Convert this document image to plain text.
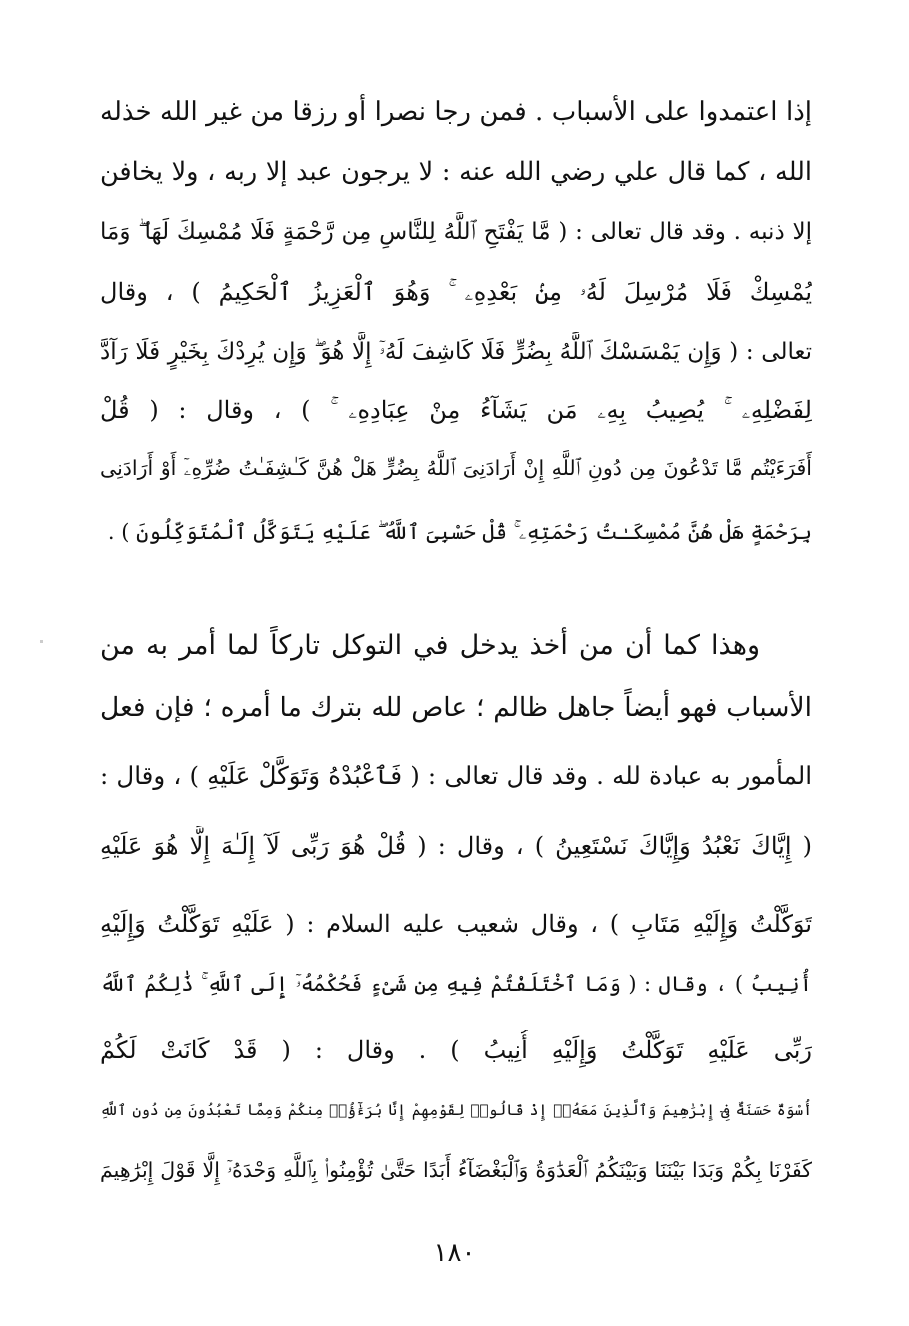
إذا اعتمدوا على الأسباب . فمن رجا نصرا أو رزقا من غير الله خذله
الله ، كما قال علي رضي الله عنه : لا يرجون عبد إلا ربه ، ولا يخافن
إلا ذنبه . وقد قال تعالى : ( مَّا يَفْتَحِ ٱللَّهُ لِلنَّاسِ مِن رَّحْمَةٍ فَلَا مُمْسِكَ لَهَا ۖ وَمَا
يُمْسِكْ فَلَا مُرْسِلَ لَهُۥ مِنۢ بَعْدِهِۦ ۚ وَهُوَ ٱلْعَزِيزُ ٱلْحَكِيمُ ) ، وقال
تعالى : ( وَإِن يَمْسَسْكَ ٱللَّهُ بِضُرٍّ فَلَا كَاشِفَ لَهُۥٓ إِلَّا هُوَ ۖ وَإِن يُرِدْكَ بِخَيْرٍ فَلَا رَآدَّ
لِفَضْلِهِۦ ۚ يُصِيبُ بِهِۦ مَن يَشَآءُ مِنْ عِبَادِهِۦ ۚ ) ، وقال : ( قُلْ
أَفَرَءَيْتُم مَّا تَدْعُونَ مِن دُونِ ٱللَّهِ إِنْ أَرَادَنِىَ ٱللَّهُ بِضُرٍّ هَلْ هُنَّ كَـٰشِفَـٰتُ ضُرِّهِۦٓ أَوْ أَرَادَنِى
بِرَحْمَةٍ هَلْ هُنَّ مُمْسِكَـٰتُ رَحْمَتِهِۦ ۚ قُلْ حَسْبِىَ ٱللَّهُ ۖ عَلَيْهِ يَتَوَكَّلُ ٱلْمُتَوَكِّلُونَ ) .
وهذا كما أن من أخذ يدخل في التوكل تاركاً لما أمر به من
الأسباب فهو أيضاً جاهل ظالم ؛ عاص لله بترك ما أمره ؛ فإن فعل
المأمور به عبادة لله . وقد قال تعالى : ( فَٱعْبُدْهُ وَتَوَكَّلْ عَلَيْهِ ) ، وقال :
( إِيَّاكَ نَعْبُدُ وَإِيَّاكَ نَسْتَعِينُ ) ، وقال : ( قُلْ هُوَ رَبِّى لَآ إِلَـٰهَ إِلَّا هُوَ عَلَيْهِ
تَوَكَّلْتُ وَإِلَيْهِ مَتَابِ ) ، وقال شعيب عليه السلام : ( عَلَيْهِ تَوَكَّلْتُ وَإِلَيْهِ
أُنِيبُ ) ، وقال : ( وَمَا ٱخْتَلَفْتُمْ فِيهِ مِن شَىْءٍ فَحُكْمُهُۥٓ إِلَى ٱللَّهِ ۚ ذَٰلِكُمُ ٱللَّهُ
رَبِّى عَلَيْهِ تَوَكَّلْتُ وَإِلَيْهِ أُنِيبُ ) . وقال : ( قَدْ كَانَتْ لَكُمْ
أُسْوَةٌ حَسَنَةٌ فِىٓ إِبْرَٰهِيمَ وَٱلَّذِينَ مَعَهُۥٓ إِذْ قَالُوا۟ لِقَوْمِهِمْ إِنَّا بُرَءَٰٓؤُا۟ مِنكُمْ وَمِمَّا تَعْبُدُونَ مِن دُونِ ٱللَّهِ
كَفَرْنَا بِكُمْ وَبَدَا بَيْنَنَا وَبَيْنَكُمُ ٱلْعَدَٰوَةُ وَٱلْبَغْضَآءُ أَبَدًا حَتَّىٰ تُؤْمِنُوا۟ بِٱللَّهِ وَحْدَهُۥٓ إِلَّا قَوْلَ إِبْرَٰهِيمَ
١٨٠
